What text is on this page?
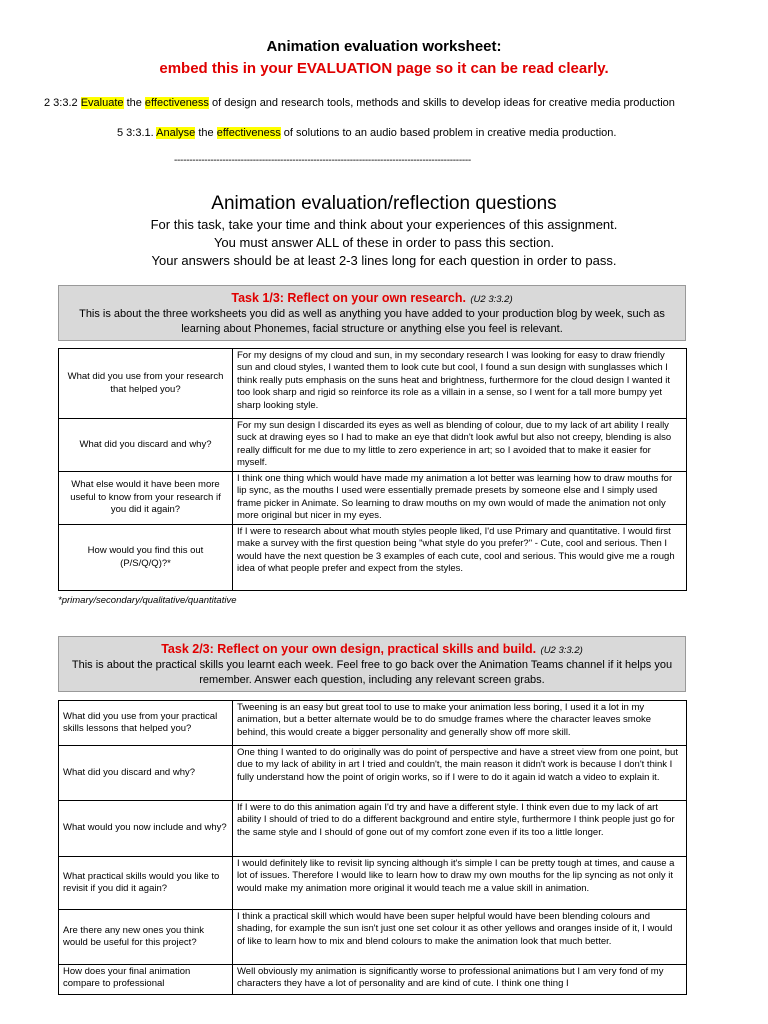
Animation evaluation worksheet:
embed this in your EVALUATION page so it can be read clearly.
2 3:3.2 Evaluate the effectiveness of design and research tools, methods and skills to develop ideas for creative media production
5 3:3.1. Analyse the effectiveness of solutions to an audio based problem in creative media production.
--------------------------------------------------------------------------------------------------
Animation evaluation/reflection questions
For this task, take your time and think about your experiences of this assignment.
You must answer ALL of these in order to pass this section.
Your answers should be at least 2-3 lines long for each question in order to pass.
Task 1/3: Reflect on your own research. (U2 3:3.2)
This is about the three worksheets you did as well as anything you have added to your production blog by week, such as learning about Phonemes, facial structure or anything else you feel is relevant.
What did you use from your research that helped you?	For my designs of my cloud and sun, in my secondary research I was looking for easy to draw friendly sun and cloud styles, I wanted them to look cute but cool, I found a sun design with sunglasses which I think really puts emphasis on the suns heat and brightness, furthermore for the cloud design I wanted it too look sharp and rigid so reinforce its role as a villain in a sense, so I went for a tall more bumpy yet sharp looking style.
What did you discard and why?	For my sun design I discarded its eyes as well as blending of colour, due to my lack of art ability I really suck at drawing eyes so I had to make an eye that didn't look awful but also not creepy, blending is also really difficult for me due to my little to zero experience in art; so I avoided that to make it easier for myself.
What else would it have been more useful to know from your research if you did it again?	I think one thing which would have made my animation a lot better was learning how to draw mouths for lip sync, as the mouths I used were essentially premade presets by someone else and I simply used frame picker in Animate. So learning to draw mouths on my own would of made the animation not only more original but nicer in my eyes.
How would you find this out (P/S/Q/Q)?*	If I were to research about what mouth styles people liked, I'd use Primary and quantitative. I would first make a survey with the first question being "what style do you prefer?" - Cute, cool and serious. Then I would have the next question be 3 examples of each cute, cool and serious. This would give me a rough idea of what people prefer and expect from the styles.
*primary/secondary/qualitative/quantitative
Task 2/3: Reflect on your own design, practical skills and build. (U2 3:3.2)
This is about the practical skills you learnt each week. Feel free to go back over the Animation Teams channel if it helps you remember. Answer each question, including any relevant screen grabs.
What did you use from your practical skills lessons that helped you?	Tweening is an easy but great tool to use to make your animation less boring, I used it a lot in my animation, but a better alternate would be to do smudge frames where the character leaves smoke behind, this would create a bigger personality and generally show off more skill.
What did you discard and why?	One thing I wanted to do originally was do point of perspective and have a street view from one point, but due to my lack of ability in art I tried and couldn't, the main reason it didn't work is because I don't think I fully understand how the point of origin works, so if I were to do it again id watch a video to explain it.
What would you now include and why?	If I were to do this animation again I'd try and have a different style. I think even due to my lack of art ability I should of tried to do a different background and entire style, furthermore I think people just go for the same style and I should of gone out of my comfort zone even if its too a little longer.
What practical skills would you like to revisit if you did it again?	I would definitely like to revisit lip syncing although it's simple I can be pretty tough at times, and cause a lot of issues. Therefore I would like to learn how to draw my own mouths for the lip syncing as not only it would make my animation more original it would teach me a value skill in animation.
Are there any new ones you think would be useful for this project?	I think a practical skill which would have been super helpful would have been blending colours and shading, for example the sun isn't just one set colour it as other yellows and oranges inside of it, I would of like to learn how to mix and blend colours to make the animation look that much better.
How does your final animation compare to professional	Well obviously my animation is significantly worse to professional animations but I am very fond of my characters they have a lot of personality and are kind of cute. I think one thing I
